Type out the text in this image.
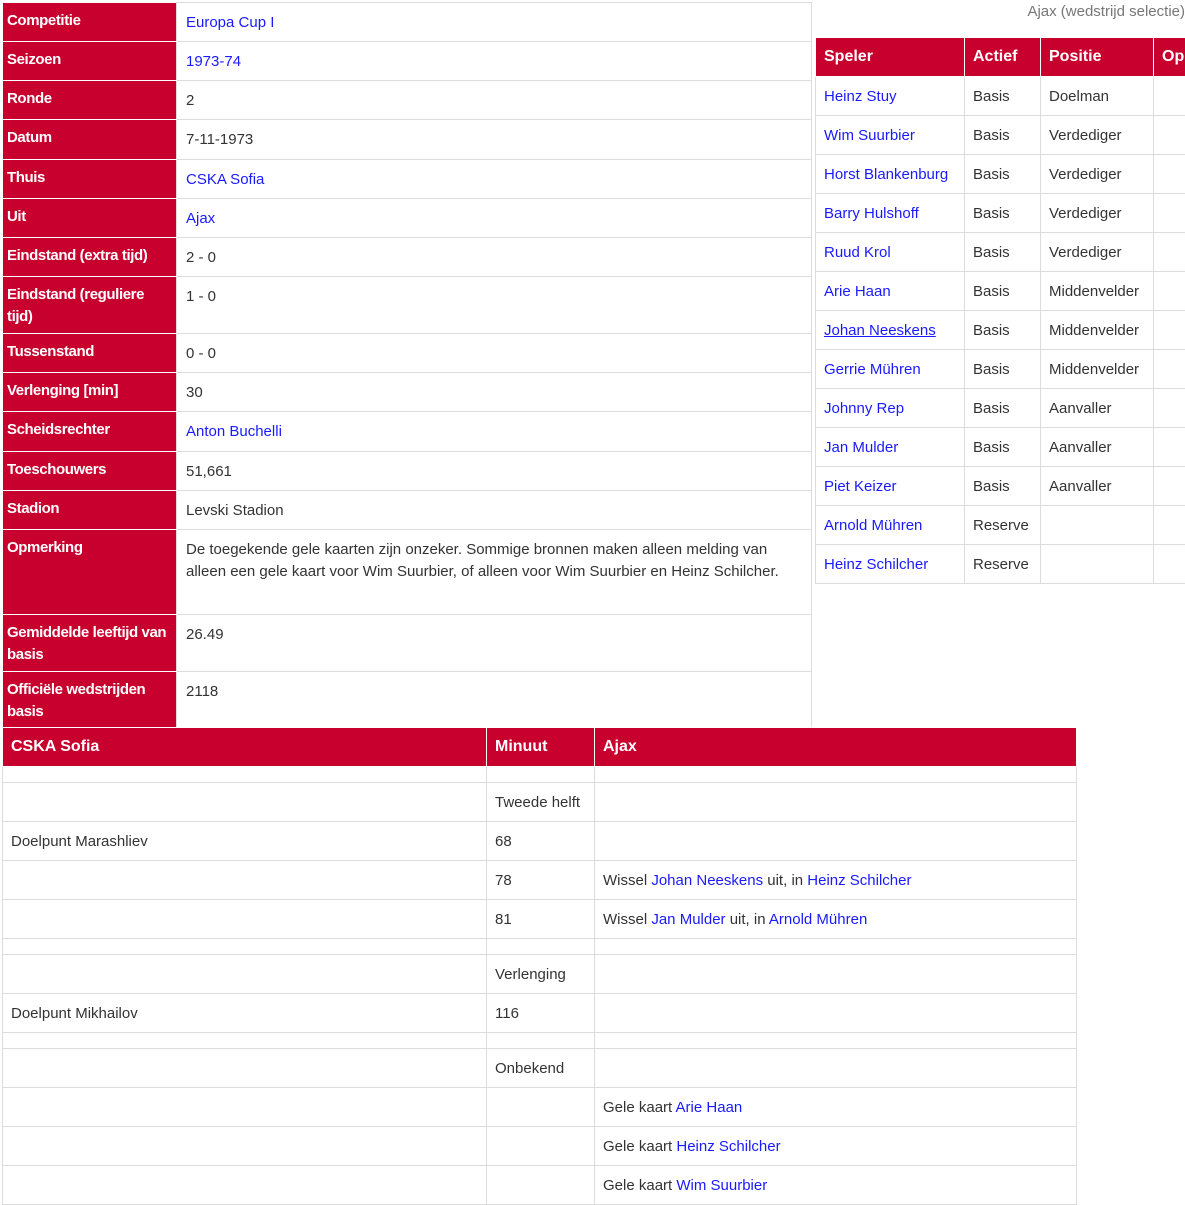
Competitie	Europa Cup I
Seizoen	1973-74
Ronde	2
Datum	7-11-1973
Thuis	CSKA Sofia
Uit	Ajax
Eindstand (extra tijd)	2 - 0
Eindstand (reguliere tijd)	1 - 0
Tussenstand	0 - 0
Verlenging [min]	30
Scheidsrechter	Anton Buchelli
Toeschouwers	51,661
Stadion	Levski Stadion
Opmerking	De toegekende gele kaarten zijn onzeker. Sommige bronnen maken alleen melding van alleen een gele kaart voor Wim Suurbier, of alleen voor Wim Suurbier en Heinz Schilcher.
Gemiddelde leeftijd van basis	26.49
Officiële wedstrijden basis	2118
Ajax (wedstrijd selectie)
Speler	Actief	Positie	Op
Heinz Stuy	Basis	Doelman	
Wim Suurbier	Basis	Verdediger	
Horst Blankenburg	Basis	Verdediger	
Barry Hulshoff	Basis	Verdediger	
Ruud Krol	Basis	Verdediger	
Arie Haan	Basis	Middenvelder	
Johan Neeskens	Basis	Middenvelder	
Gerrie Mühren	Basis	Middenvelder	
Johnny Rep	Basis	Aanvaller	
Jan Mulder	Basis	Aanvaller	
Piet Keizer	Basis	Aanvaller	
Arnold Mühren	Reserve		
Heinz Schilcher	Reserve		
CSKA Sofia	Minuut	Ajax

	Tweede helft	
Doelpunt Marashliev	68	
	78	Wissel Johan Neeskens uit, in Heinz Schilcher
	81	Wissel Jan Mulder uit, in Arnold Mühren

	Verlenging	
Doelpunt Mikhailov	116	

	Onbekend	
		Gele kaart Arie Haan
		Gele kaart Heinz Schilcher
		Gele kaart Wim Suurbier
